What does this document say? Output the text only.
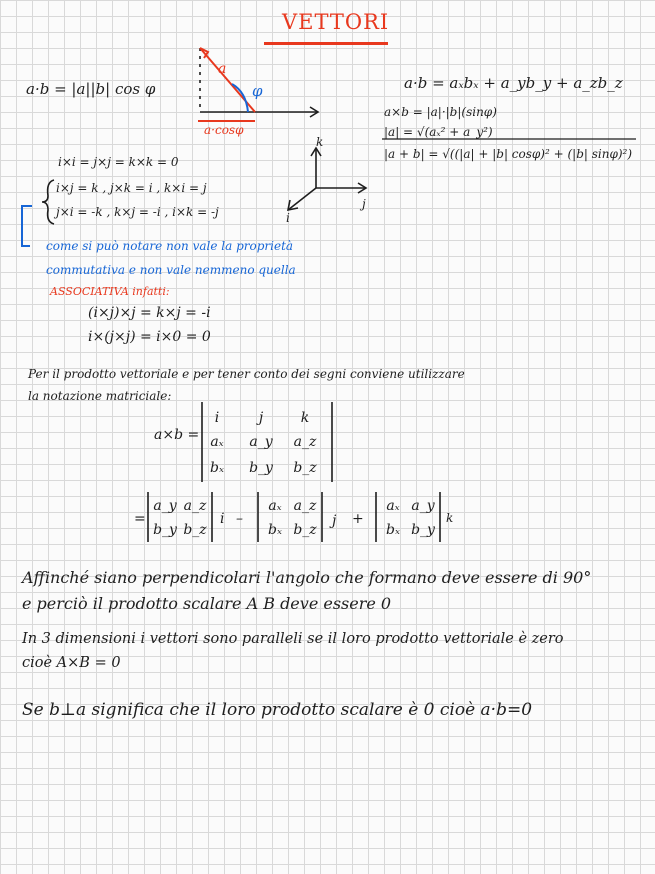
VETTORI
a·b = |a||b| cos φ
a
φ
a·cosφ
a·b = aₓbₓ + a_yb_y + a_zb_z
a×b = |a|·|b|(sinφ)
|a| = √(aₓ² + a_y²)
|a + b| = √((|a| + |b| cosφ)² + (|b| sinφ)²)
k
j
i
i×i = j×j = k×k = 0
i×j = k , j×k = i , k×i = j
j×i = -k , k×j = -i , i×k = -j
come si può notare non vale la proprietà
commutativa e non vale nemmeno quella
ASSOCIATIVA infatti:
(i×j)×j = k×j = -i
i×(j×j) = i×0 = 0
Per il prodotto vettoriale e per tener conto dei segni conviene utilizzare
la notazione matriciale:
a×b =
i	j	k
aₓ	a_y a_z
bₓ	b_y b_z
=
a_y a_z
b_y b_z
i –
aₓ a_z
bₓ b_z
j +
aₓ a_y
bₓ b_y
k
Affinché siano perpendicolari l'angolo che formano deve essere di 90°
e perciò il prodotto scalare A B deve essere 0
In 3 dimensioni i vettori sono paralleli se il loro prodotto vettoriale è zero
cioè A×B = 0
Se b⊥a significa che il loro prodotto scalare è 0 cioè a·b=0
